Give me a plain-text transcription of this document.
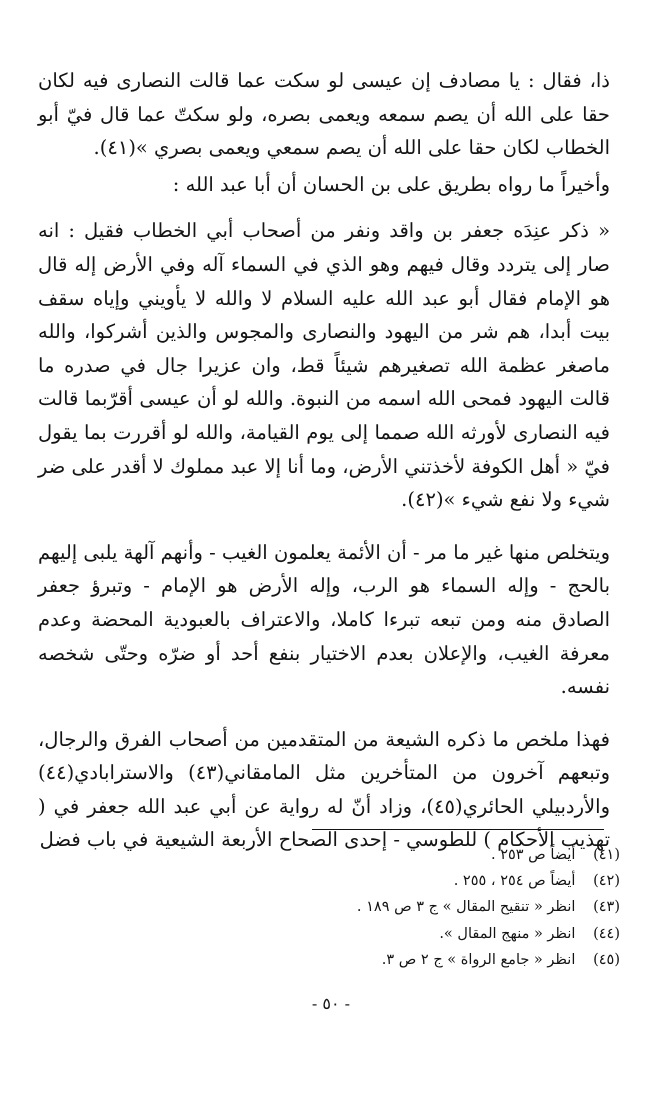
ذا، فقال : يا مصادف إن عيسى لو سكت عما قالت النصارى فيه لكان حقا على الله أن يصم سمعه ويعمى بصره، ولو سكتّ عما قال فيّ أبو الخطاب لكان حقا على الله أن يصم سمعي ويعمى بصري »(٤١).

وأخيراً ما رواه بطريق على بن الحسان أن أبا عبد الله :

« ذكر عنِدَه جعفر بن واقد ونفر من أصحاب أبي الخطاب فقيل : انه صار إلى يتردد وقال فيهم وهو الذي في السماء آله وفي الأرض إله قال هو الإمام فقال أبو عبد الله عليه السلام لا والله لا يأويني وإياه سقف بيت أبدا، هم شر من اليهود والنصارى والمجوس والذين أشركوا، والله ماصغر عظمة الله تصغيرهم شيئاً قط، وان عزيرا جال في صدره ما قالت اليهود فمحى الله اسمه من النبوة. والله لو أن عيسى أقرّبما قالت فيه النصارى لأورثه الله صمما إلى يوم القيامة، والله لو أقررت بما يقول فيّ « أهل الكوفة لأخذتني الأرض، وما أنا إلا عبد مملوك لا أقدر على ضر شيء ولا نفع شيء »(٤٢).

ويتخلص منها غير ما مر - أن الأئمة يعلمون الغيب - وأنهم آلهة يلبى إليهم بالحج - وإله السماء هو الرب، وإله الأرض هو الإمام - وتبرؤ جعفر الصادق منه ومن تبعه تبرءا كاملا، والاعتراف بالعبودية المحضة وعدم معرفة الغيب، والإعلان بعدم الاختيار بنفع أحد أو ضرّه وحتّى شخصه نفسه.

فهذا ملخص ما ذكره الشيعة من المتقدمين من أصحاب الفرق والرجال، وتبعهم آخرون من المتأخرين مثل المامقاني(٤٣) والاسترابادي(٤٤) والأردبيلي الحائري(٤٥)، وزاد أنّ له رواية عن أبي عبد الله جعفر في ( تهذيب الأحكام ) للطوسي - إحدى الصحاح الأربعة الشيعية في باب فضل

(٤١) أيضاً ص ٢٥٣ .
(٤٢) أيضاً ص ٢٥٤ ، ٢٥٥ .
(٤٣) انظر « تنقيح المقال » ج ٣ ص ١٨٩ .
(٤٤) انظر « منهج المقال ».
(٤٥) انظر « جامع الرواة » ج ٢ ص ٣.
- ٥٠ -
